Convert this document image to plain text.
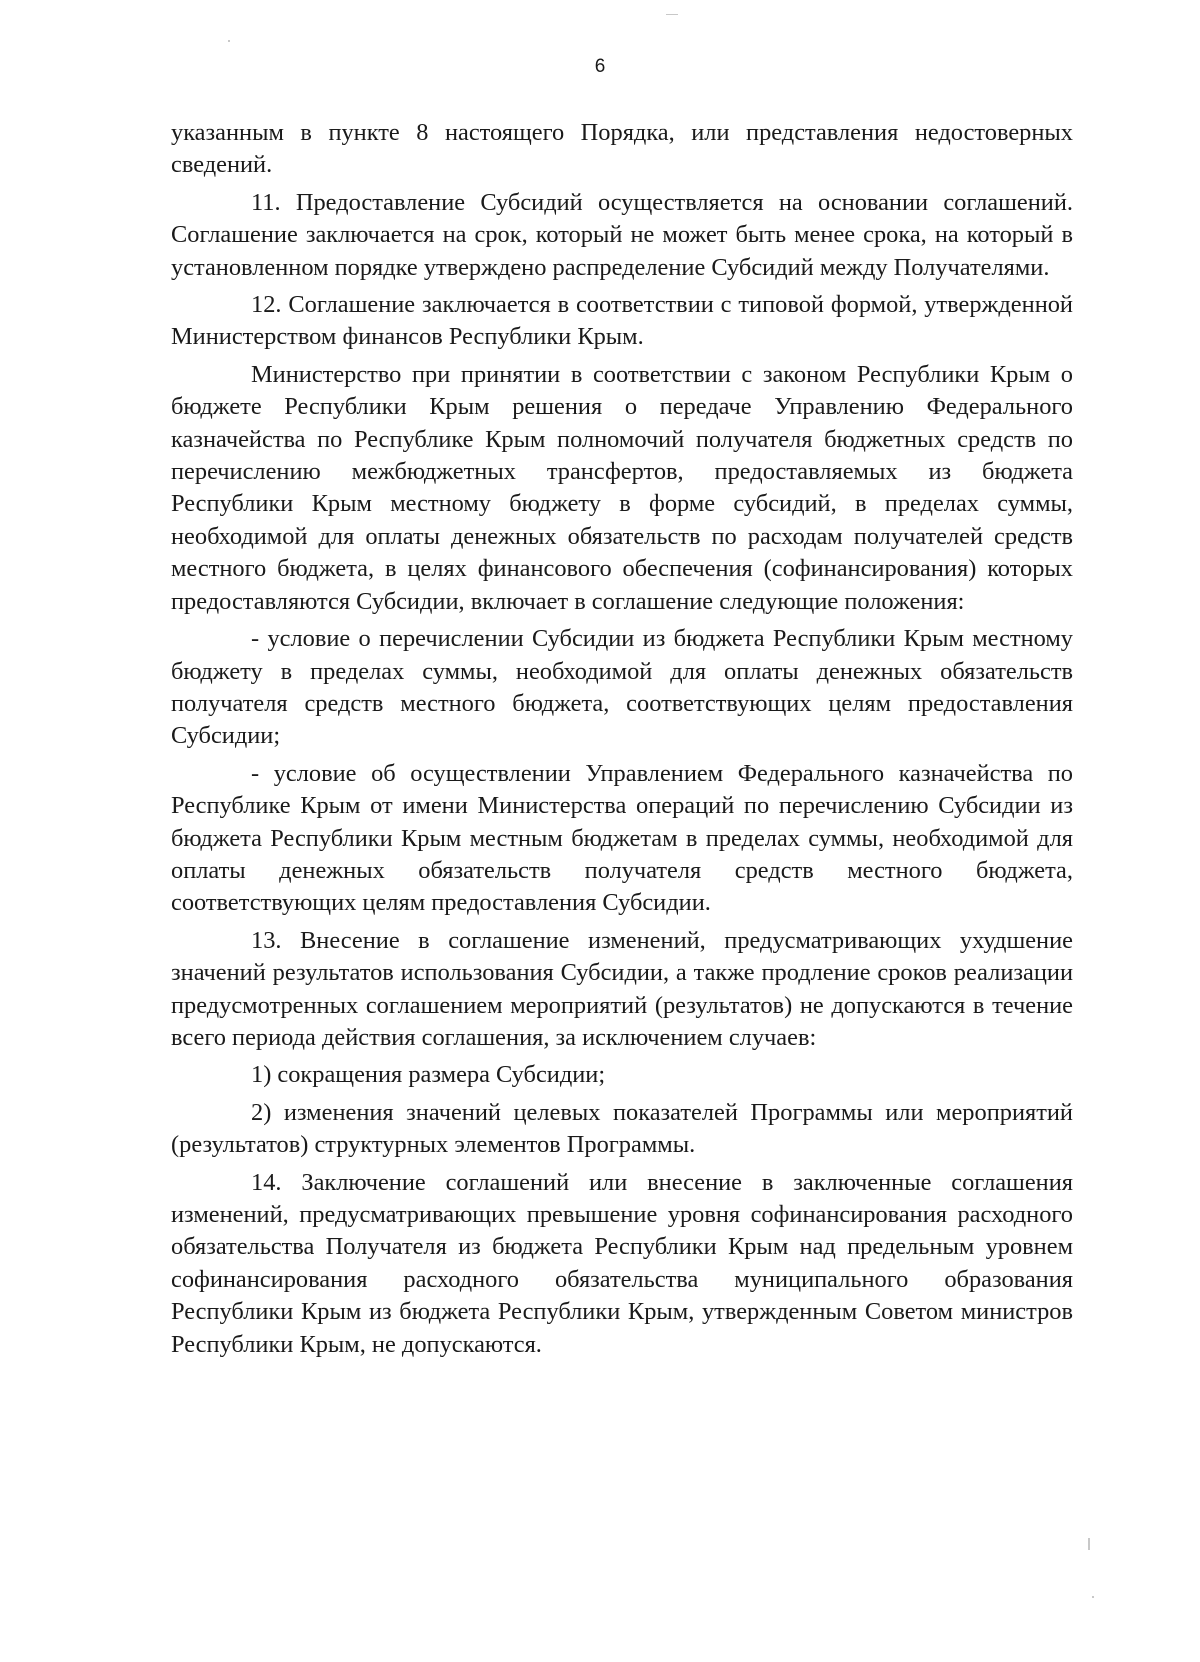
6

указанным в пункте 8 настоящего Порядка, или представления недостоверных сведений.

11. Предоставление Субсидий осуществляется на основании соглашений. Соглашение заключается на срок, который не может быть менее срока, на который в установленном порядке утверждено распределение Субсидий между Получателями.

12. Соглашение заключается в соответствии с типовой формой, утвержденной Министерством финансов Республики Крым.

Министерство при принятии в соответствии с законом Республики Крым о бюджете Республики Крым решения о передаче Управлению Федерального казначейства по Республике Крым полномочий получателя бюджетных средств по перечислению межбюджетных трансфертов, предоставляемых из бюджета Республики Крым местному бюджету в форме субсидий, в пределах суммы, необходимой для оплаты денежных обязательств по расходам получателей средств местного бюджета, в целях финансового обеспечения (софинансирования) которых предоставляются Субсидии, включает в соглашение следующие положения:

- условие о перечислении Субсидии из бюджета Республики Крым местному бюджету в пределах суммы, необходимой для оплаты денежных обязательств получателя средств местного бюджета, соответствующих целям предоставления Субсидии;

- условие об осуществлении Управлением Федерального казначейства по Республике Крым от имени Министерства операций по перечислению Субсидии из бюджета Республики Крым местным бюджетам в пределах суммы, необходимой для оплаты денежных обязательств получателя средств местного бюджета, соответствующих целям предоставления Субсидии.

13. Внесение в соглашение изменений, предусматривающих ухудшение значений результатов использования Субсидии, а также продление сроков реализации предусмотренных соглашением мероприятий (результатов) не допускаются в течение всего периода действия соглашения, за исключением случаев:

1) сокращения размера Субсидии;

2) изменения значений целевых показателей Программы или мероприятий (результатов) структурных элементов Программы.

14. Заключение соглашений или внесение в заключенные соглашения изменений, предусматривающих превышение уровня софинансирования расходного обязательства Получателя из бюджета Республики Крым над предельным уровнем софинансирования расходного обязательства муниципального образования Республики Крым из бюджета Республики Крым, утвержденным Советом министров Республики Крым, не допускаются.
